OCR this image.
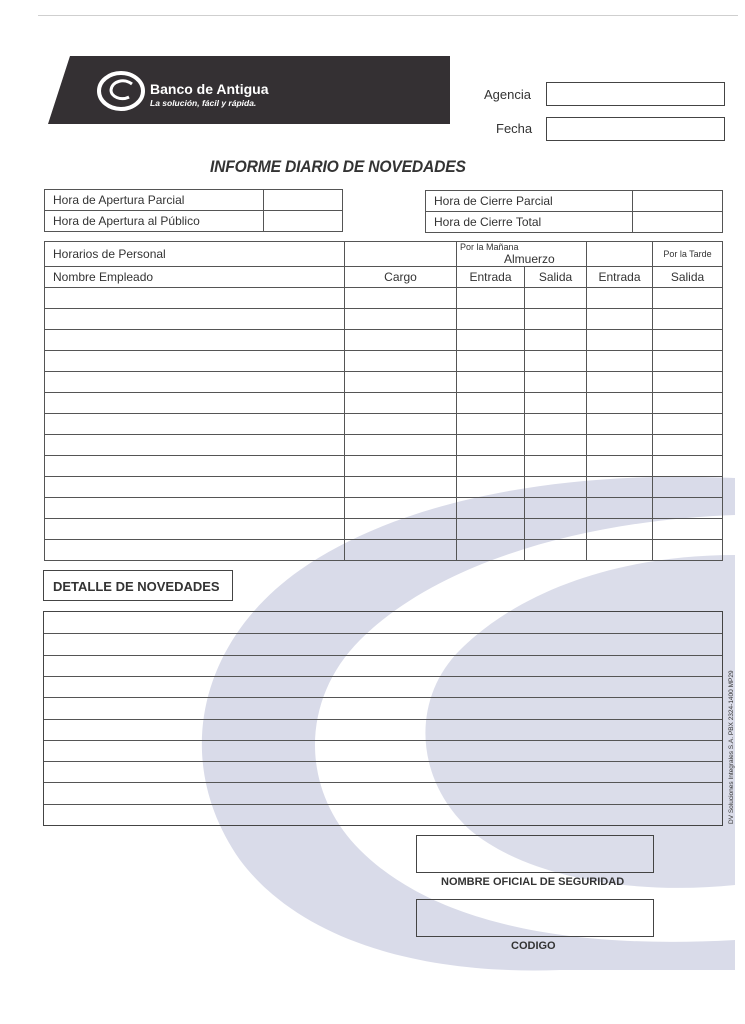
Banco de Antigua
La solución, fácil y rápida.
Agencia
Fecha
INFORME DIARIO DE NOVEDADES
Hora de Apertura Parcial	
Hora de Apertura al Público	
Hora de Cierre Parcial	
Hora de Cierre Total	
Horarios de Personal		Por la Mañana Almuerzo			Por la Tarde
Nombre Empleado	Cargo	Entrada	Salida	Entrada	Salida

DETALLE DE NOVEDADES
DV Soluciones Integrales S.A. PBX 2324-1400 MP29
NOMBRE OFICIAL DE SEGURIDAD
CODIGO
